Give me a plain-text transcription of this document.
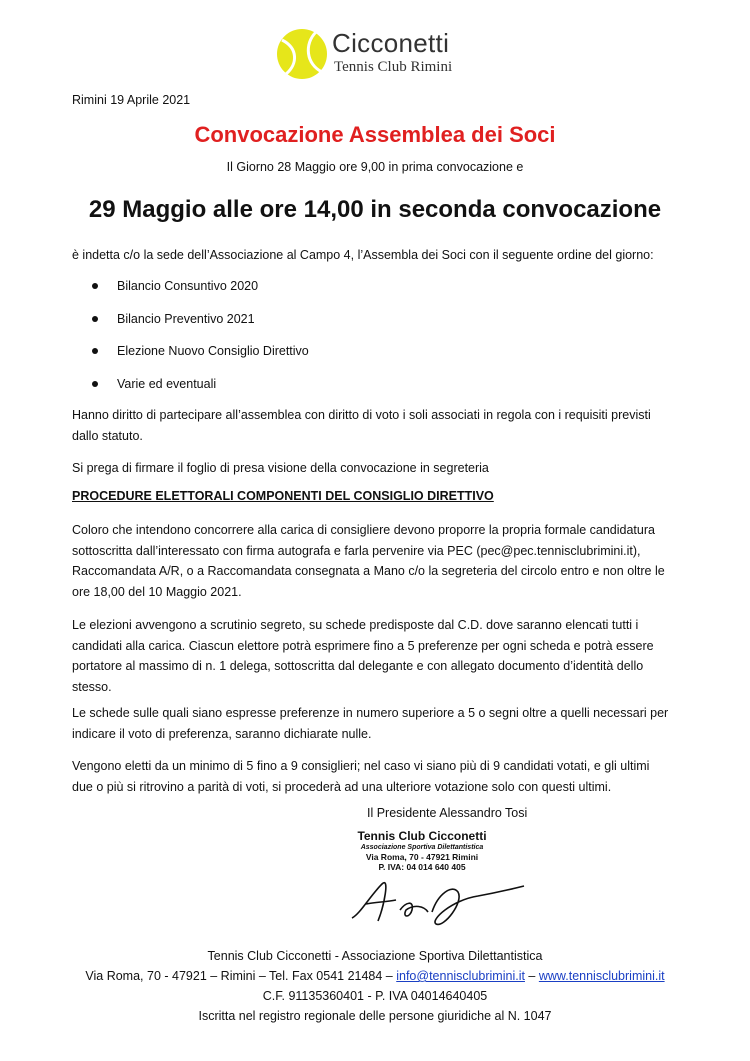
Cicconetti
Tennis Club Rimini
Rimini 19 Aprile 2021
Convocazione Assemblea dei Soci
Il Giorno 28 Maggio ore 9,00 in prima convocazione e
29 Maggio alle ore 14,00 in seconda convocazione
è indetta c/o la sede dell’Associazione al Campo 4, l’Assembla dei Soci con il seguente ordine del giorno:
Bilancio Consuntivo 2020
Bilancio Preventivo 2021
Elezione Nuovo Consiglio Direttivo
Varie ed eventuali
Hanno diritto di partecipare all’assemblea con diritto di voto i soli associati in regola con i requisiti previsti
dallo statuto.
Si prega di firmare il foglio di presa visione della convocazione in segreteria
PROCEDURE ELETTORALI COMPONENTI DEL CONSIGLIO DIRETTIVO
Coloro che intendono concorrere alla carica di consigliere devono proporre la propria formale candidatura
sottoscritta dall’interessato con firma autografa e farla pervenire via PEC (pec@pec.tennisclubrimini.it),
Raccomandata A/R, o a Raccomandata consegnata a Mano c/o la segreteria del circolo entro e non oltre le
ore 18,00 del 10 Maggio 2021.
Le elezioni avvengono a scrutinio segreto, su schede predisposte dal C.D. dove saranno elencati tutti i
candidati alla carica. Ciascun elettore potrà esprimere fino a 5 preferenze per ogni scheda e potrà essere
portatore al massimo di n. 1 delega, sottoscritta dal delegante e con allegato documento d’identità dello
stesso.
Le schede sulle quali siano espresse preferenze in numero superiore a 5 o segni oltre a quelli necessari per
indicare il voto di preferenza, saranno dichiarate nulle.
Vengono eletti da un minimo di 5 fino a 9 consiglieri; nel caso vi siano più di 9 candidati votati, e gli ultimi
due o più si ritrovino a parità di voti, si procederà ad una ulteriore votazione solo con questi ultimi.
Il Presidente Alessandro Tosi
Tennis Club Cicconetti
Associazione Sportiva Dilettantistica
Via Roma, 70 - 47921 Rimini
P. IVA: 04 014 640 405
Tennis Club Cicconetti - Associazione Sportiva Dilettantistica
Via Roma, 70 - 47921 – Rimini – Tel. Fax 0541 21484 – info@tennisclubrimini.it – www.tennisclubrimini.it
C.F. 91135360401 - P. IVA 04014640405
Iscritta nel registro regionale delle persone giuridiche al N. 1047
